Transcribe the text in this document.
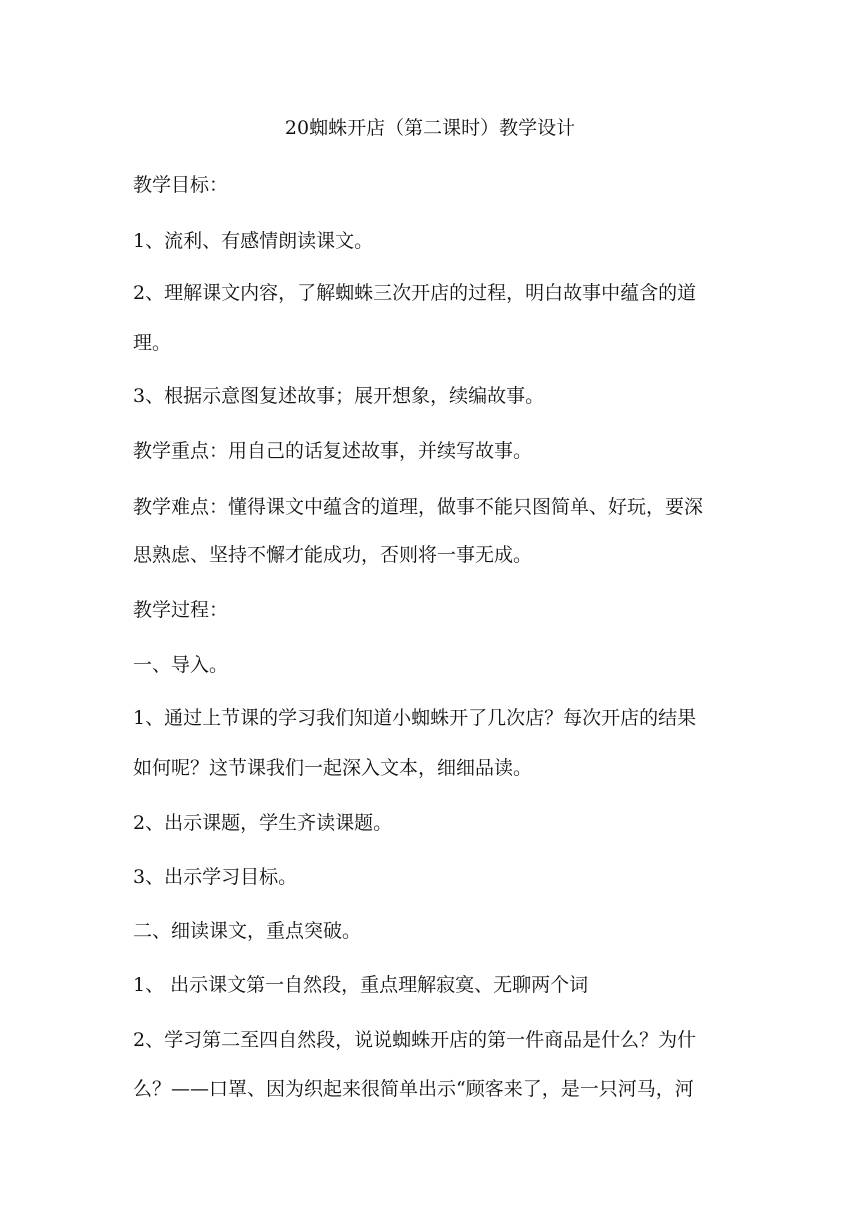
20蜘蛛开店（第二课时）教学设计
教学目标：
1、流利、有感情朗读课文。
2、理解课文内容，了解蜘蛛三次开店的过程，明白故事中蕴含的道
理。
3、根据示意图复述故事；展开想象，续编故事。
教学重点：用自己的话复述故事，并续写故事。
教学难点：懂得课文中蕴含的道理，做事不能只图简单、好玩，要深
思熟虑、坚持不懈才能成功，否则将一事无成。
教学过程：
一、导入。
1、通过上节课的学习我们知道小蜘蛛开了几次店？每次开店的结果
如何呢？这节课我们一起深入文本，细细品读。
2、出示课题，学生齐读课题。
3、出示学习目标。
二、细读课文，重点突破。
1、 出示课文第一自然段，重点理解寂寞、无聊两个词
2、学习第二至四自然段，说说蜘蛛开店的第一件商品是什么？为什
么？——口罩、因为织起来很简单出示“顾客来了，是一只河马，河
